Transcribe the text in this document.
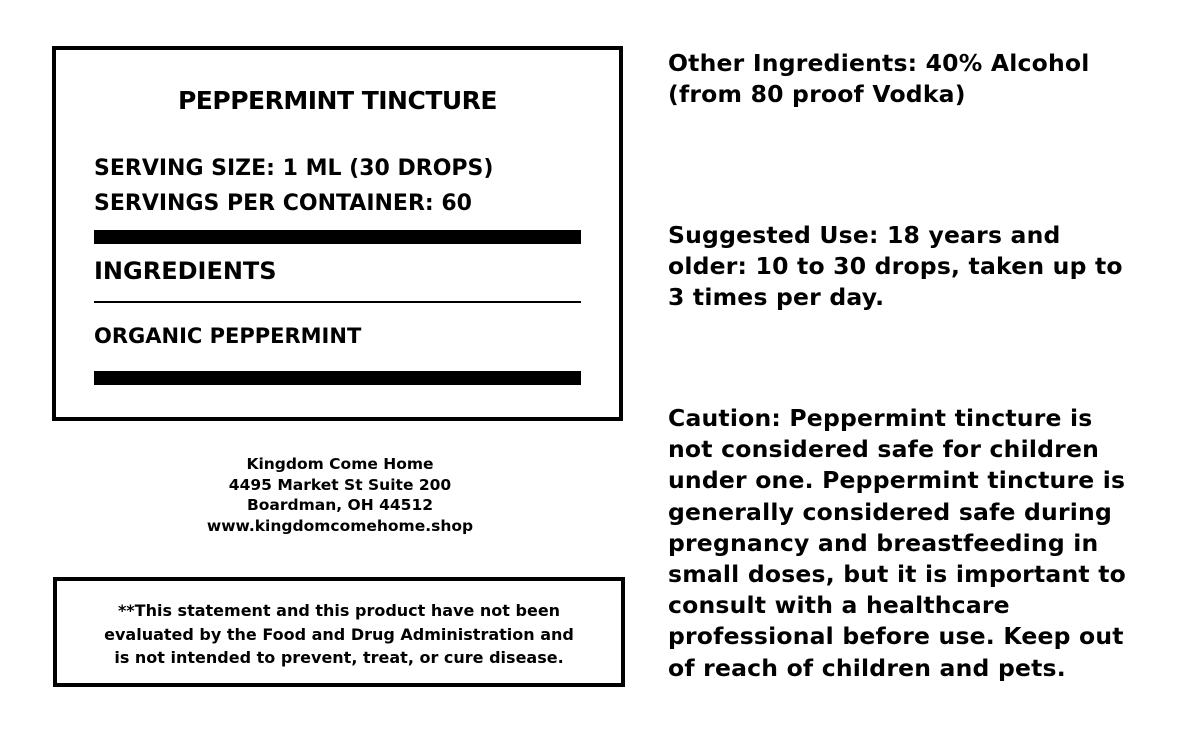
PEPPERMINT TINCTURE
SERVING SIZE: 1 ML (30 DROPS)
SERVINGS PER CONTAINER: 60
INGREDIENTS
ORGANIC PEPPERMINT
Kingdom Come Home
4495 Market St Suite 200
Boardman, OH 44512
www.kingdomcomehome.shop
**This statement and this product have not been
evaluated by the Food and Drug Administration and
is not intended to prevent, treat, or cure disease.
Other Ingredients: 40% Alcohol
(from 80 proof Vodka)
Suggested Use: 18 years and
older: 10 to 30 drops, taken up to
3 times per day.
Caution: Peppermint tincture is
not considered safe for children
under one. Peppermint tincture is
generally considered safe during
pregnancy and breastfeeding in
small doses, but it is important to
consult with a healthcare
professional before use. Keep out
of reach of children and pets.
